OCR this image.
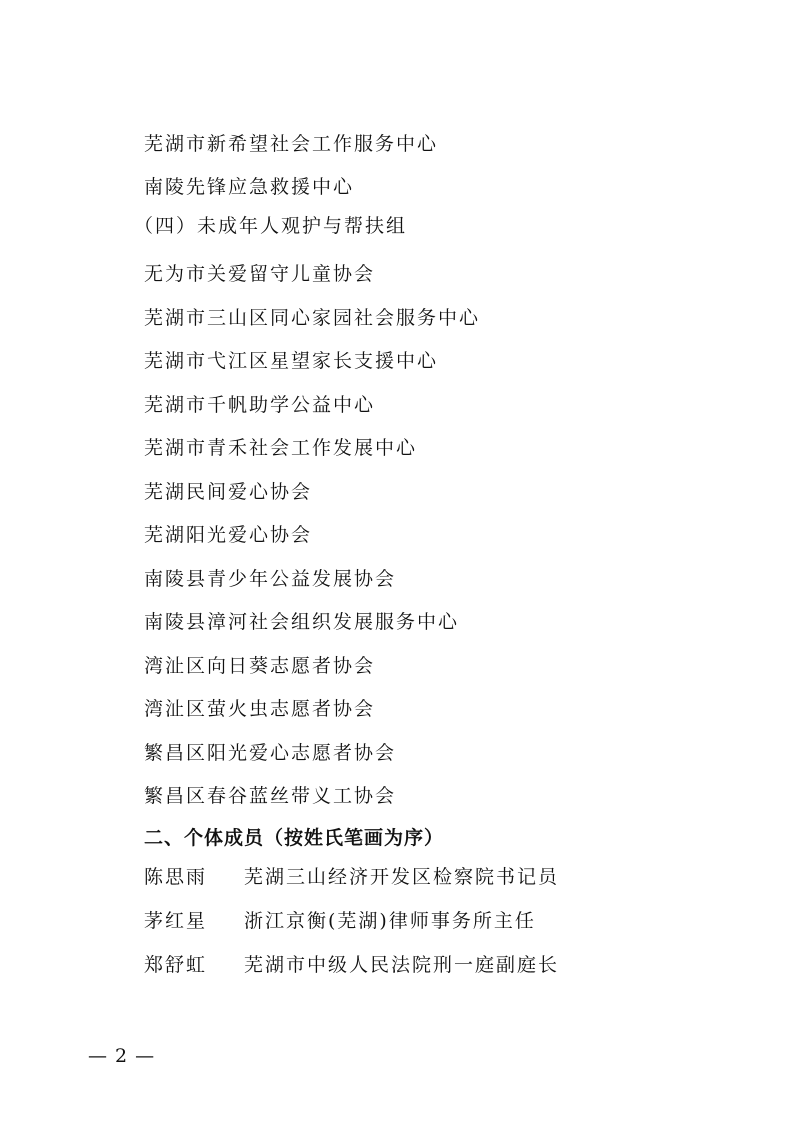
芜湖市新希望社会工作服务中心
南陵先锋应急救援中心
（四）未成年人观护与帮扶组
无为市关爱留守儿童协会
芜湖市三山区同心家园社会服务中心
芜湖市弋江区星望家长支援中心
芜湖市千帆助学公益中心
芜湖市青禾社会工作发展中心
芜湖民间爱心协会
芜湖阳光爱心协会
南陵县青少年公益发展协会
南陵县漳河社会组织发展服务中心
湾沚区向日葵志愿者协会
湾沚区萤火虫志愿者协会
繁昌区阳光爱心志愿者协会
繁昌区春谷蓝丝带义工协会
二、个体成员（按姓氏笔画为序）
陈思雨 芜湖三山经济开发区检察院书记员
茅红星 浙江京衡(芜湖)律师事务所主任
郑舒虹 芜湖市中级人民法院刑一庭副庭长
— 2 —
